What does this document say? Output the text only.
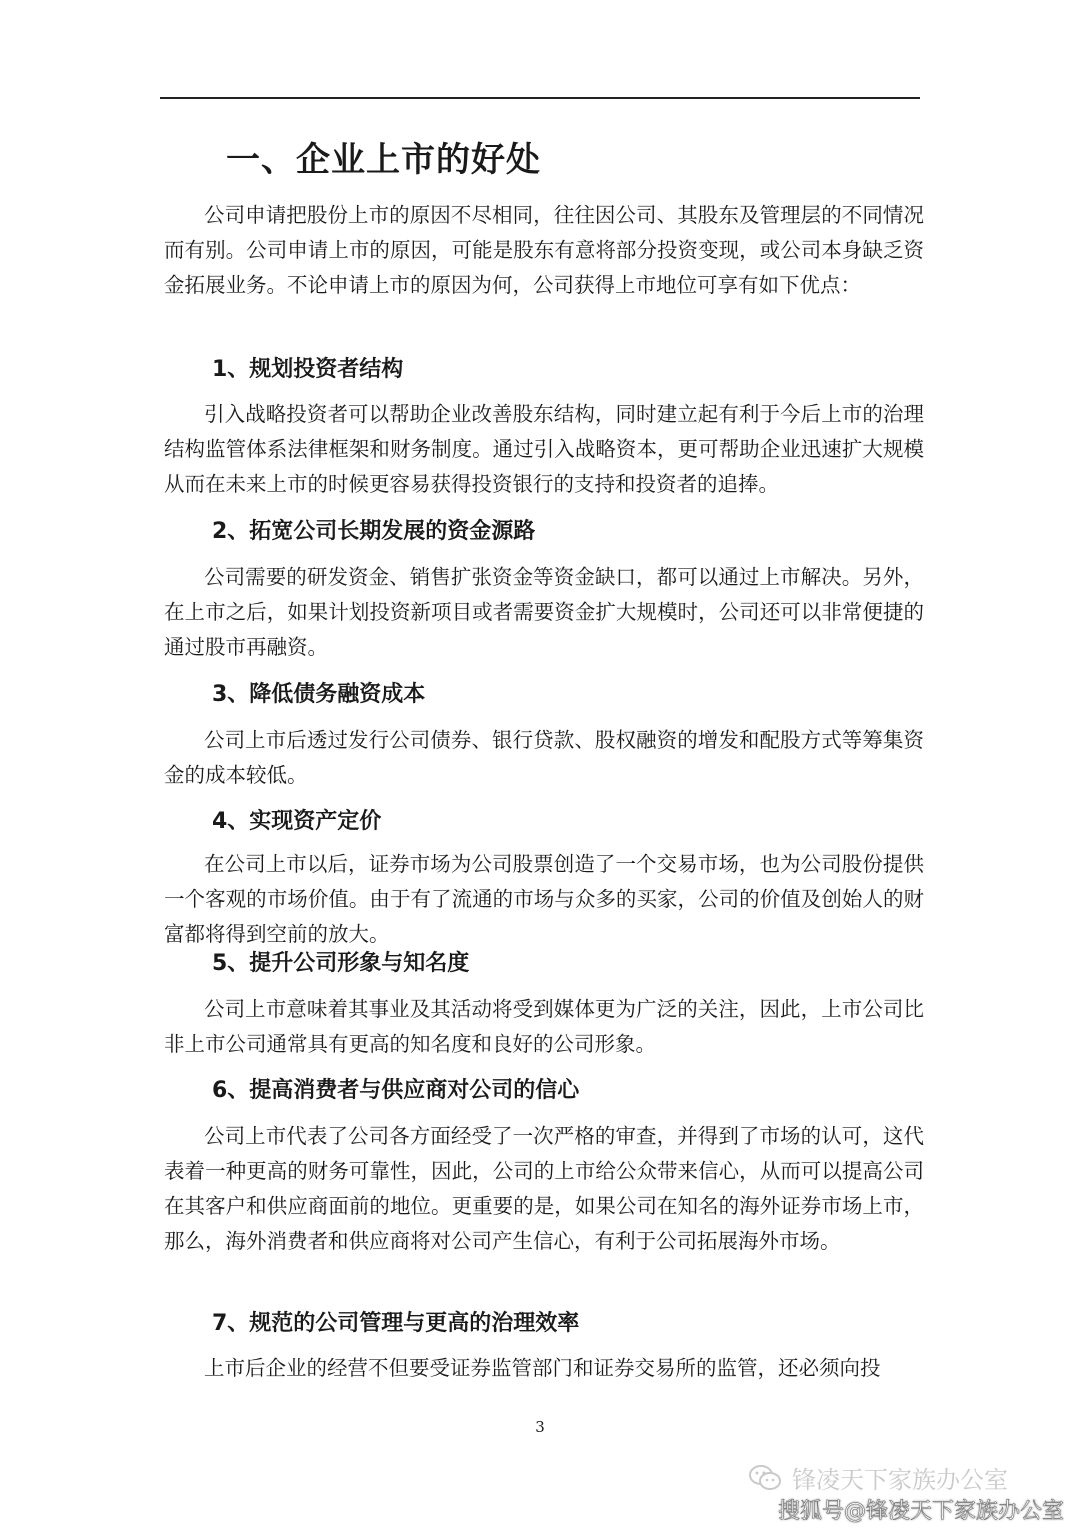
一、企业上市的好处

公司申请把股份上市的原因不尽相同，往往因公司、其股东及管理层的不同情况而有别。公司申请上市的原因，可能是股东有意将部分投资变现，或公司本身缺乏资金拓展业务。不论申请上市的原因为何，公司获得上市地位可享有如下优点：

1、规划投资者结构

引入战略投资者可以帮助企业改善股东结构，同时建立起有利于今后上市的治理结构监管体系法律框架和财务制度。通过引入战略资本，更可帮助企业迅速扩大规模从而在未来上市的时候更容易获得投资银行的支持和投资者的追捧。

2、拓宽公司长期发展的资金源路

公司需要的研发资金、销售扩张资金等资金缺口，都可以通过上市解决。另外，在上市之后，如果计划投资新项目或者需要资金扩大规模时，公司还可以非常便捷的通过股市再融资。

3、降低债务融资成本

公司上市后透过发行公司债券、银行贷款、股权融资的增发和配股方式等筹集资金的成本较低。

4、实现资产定价

在公司上市以后，证券市场为公司股票创造了一个交易市场，也为公司股份提供一个客观的市场价值。由于有了流通的市场与众多的买家，公司的价值及创始人的财富都将得到空前的放大。

5、提升公司形象与知名度

公司上市意味着其事业及其活动将受到媒体更为广泛的关注，因此，上市公司比非上市公司通常具有更高的知名度和良好的公司形象。

6、提高消费者与供应商对公司的信心

公司上市代表了公司各方面经受了一次严格的审查，并得到了市场的认可，这代表着一种更高的财务可靠性，因此，公司的上市给公众带来信心，从而可以提高公司在其客户和供应商面前的地位。更重要的是，如果公司在知名的海外证券市场上市，那么，海外消费者和供应商将对公司产生信心，有利于公司拓展海外市场。

7、规范的公司管理与更高的治理效率

上市后企业的经营不但要受证券监管部门和证券交易所的监管，还必须向投

3
锋凌天下家族办公室
搜狐号@锋凌天下家族办公室
